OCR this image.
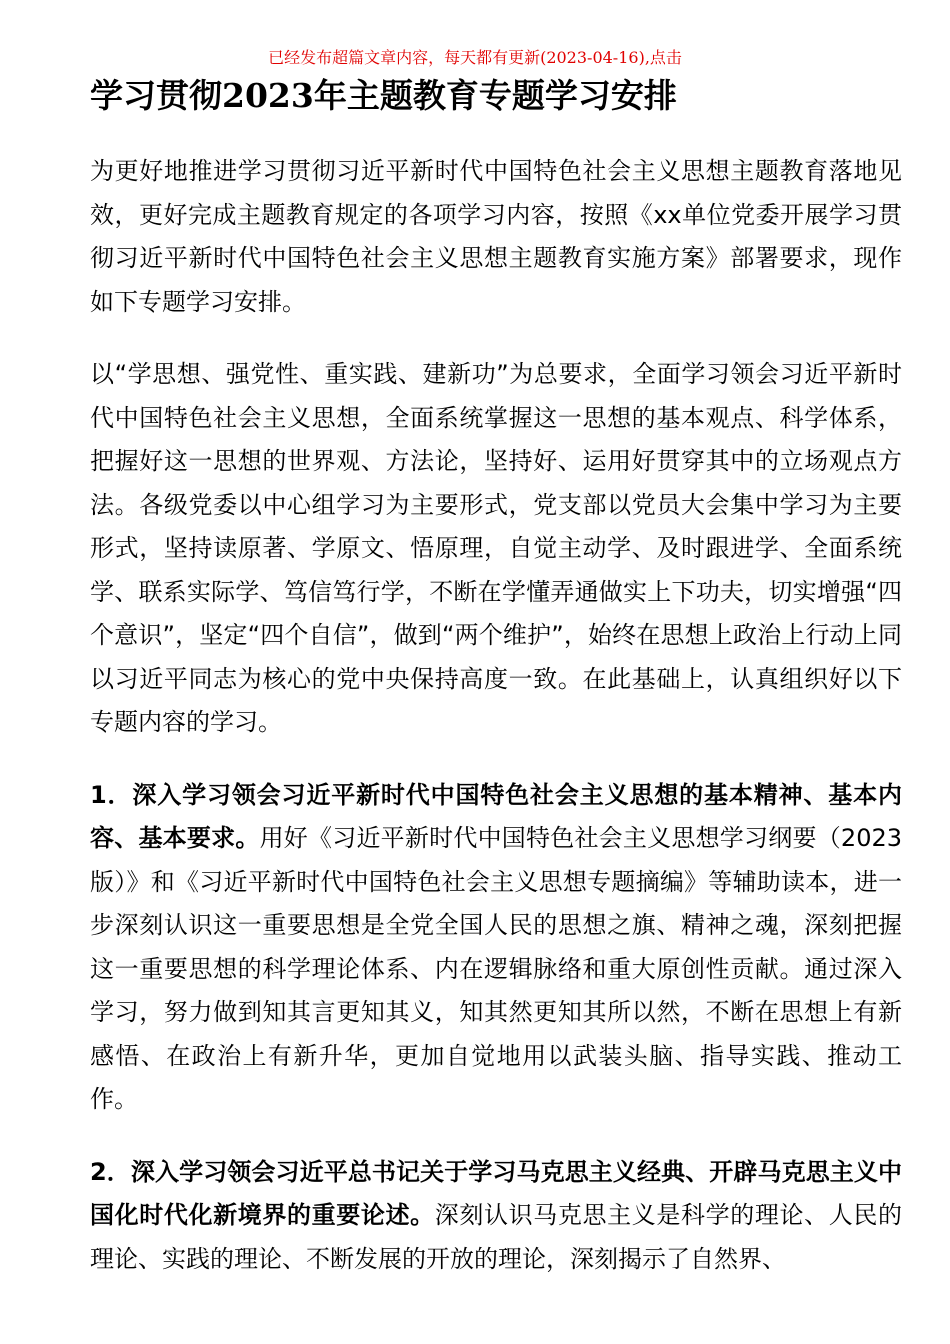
已经发布超篇文章内容，每天都有更新(2023-04-16),点击
学习贯彻2023年主题教育专题学习安排

为更好地推进学习贯彻习近平新时代中国特色社会主义思想主题教育落地见效，更好完成主题教育规定的各项学习内容，按照《xx单位党委开展学习贯彻习近平新时代中国特色社会主义思想主题教育实施方案》部署要求，现作如下专题学习安排。

以“学思想、强党性、重实践、建新功”为总要求，全面学习领会习近平新时代中国特色社会主义思想，全面系统掌握这一思想的基本观点、科学体系，把握好这一思想的世界观、方法论，坚持好、运用好贯穿其中的立场观点方法。各级党委以中心组学习为主要形式，党支部以党员大会集中学习为主要形式，坚持读原著、学原文、悟原理，自觉主动学、及时跟进学、全面系统学、联系实际学、笃信笃行学，不断在学懂弄通做实上下功夫，切实增强“四个意识”，坚定“四个自信”，做到“两个维护”，始终在思想上政治上行动上同以习近平同志为核心的党中央保持高度一致。在此基础上，认真组织好以下专题内容的学习。

1．深入学习领会习近平新时代中国特色社会主义思想的基本精神、基本内容、基本要求。用好《习近平新时代中国特色社会主义思想学习纲要（2023版）》和《习近平新时代中国特色社会主义思想专题摘编》等辅助读本，进一步深刻认识这一重要思想是全党全国人民的思想之旗、精神之魂，深刻把握这一重要思想的科学理论体系、内在逻辑脉络和重大原创性贡献。通过深入学习，努力做到知其言更知其义，知其然更知其所以然，不断在思想上有新感悟、在政治上有新升华，更加自觉地用以武装头脑、指导实践、推动工作。

2．深入学习领会习近平总书记关于学习马克思主义经典、开辟马克思主义中国化时代化新境界的重要论述。深刻认识马克思主义是科学的理论、人民的理论、实践的理论、不断发展的开放的理论，深刻揭示了自然界、
